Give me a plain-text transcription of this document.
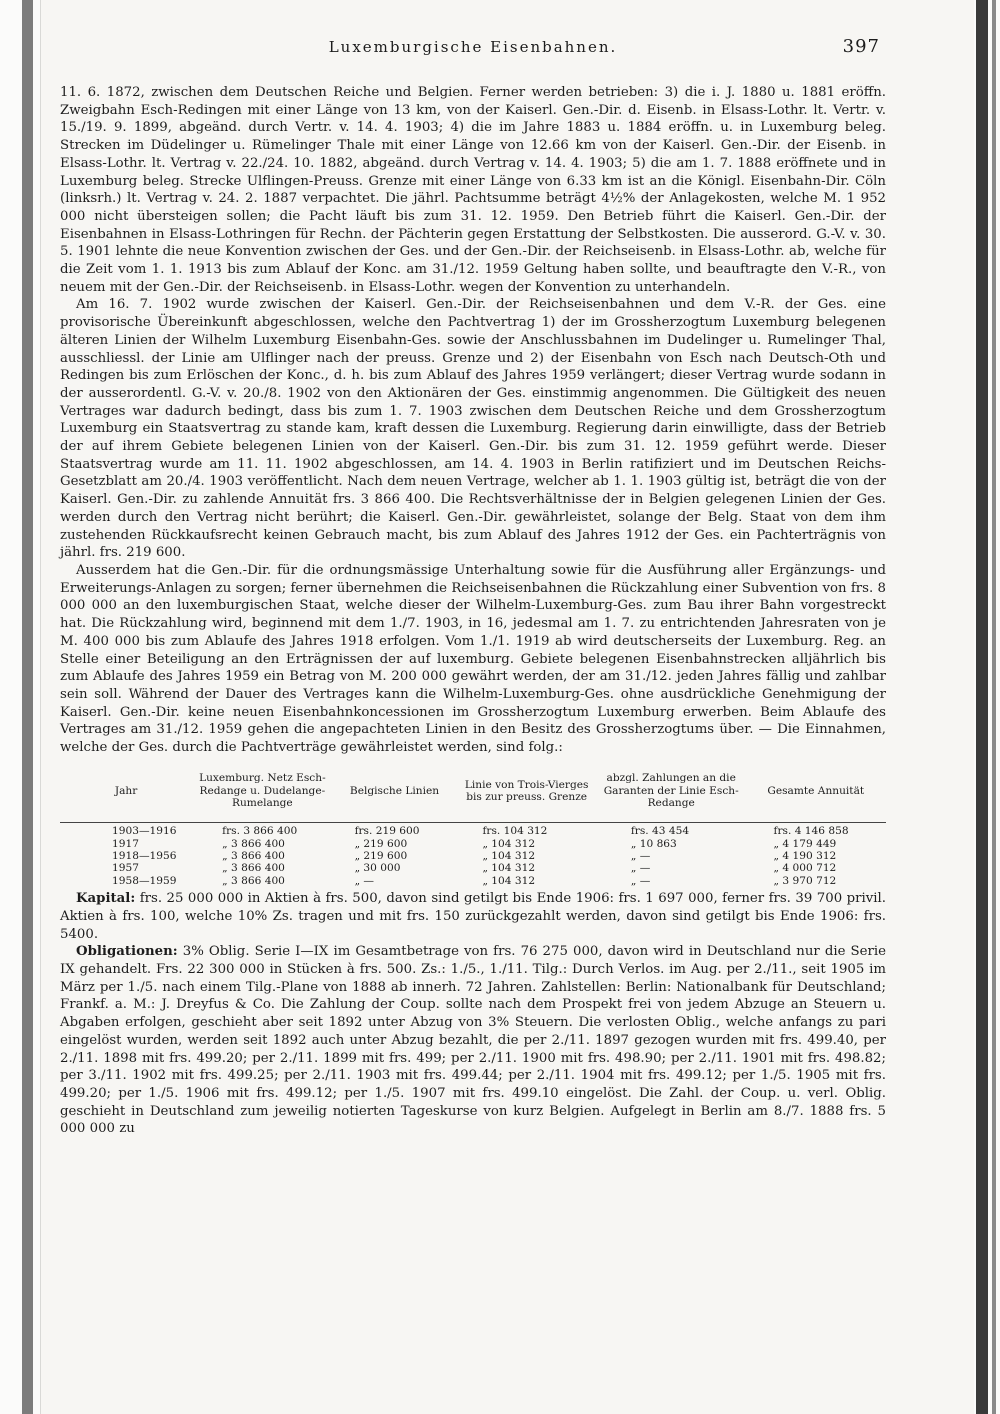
Luxemburgische Eisenbahnen.	397

11. 6. 1872, zwischen dem Deutschen Reiche und Belgien. Ferner werden betrieben: 3) die i. J. 1880 u. 1881 eröffn. Zweigbahn Esch-Redingen mit einer Länge von 13 km, von der Kaiserl. Gen.-Dir. d. Eisenb. in Elsass-Lothr. lt. Vertr. v. 15./19. 9. 1899, abgeänd. durch Vertr. v. 14. 4. 1903; 4) die im Jahre 1883 u. 1884 eröffn. u. in Luxemburg beleg. Strecken im Düdelinger u. Rümelinger Thale mit einer Länge von 12.66 km von der Kaiserl. Gen.-Dir. der Eisenb. in Elsass-Lothr. lt. Vertrag v. 22./24. 10. 1882, abgeänd. durch Vertrag v. 14. 4. 1903; 5) die am 1. 7. 1888 eröffnete und in Luxemburg beleg. Strecke Ulflingen-Preuss. Grenze mit einer Länge von 6.33 km ist an die Königl. Eisenbahn-Dir. Cöln (linksrh.) lt. Vertrag v. 24. 2. 1887 verpachtet. Die jährl. Pachtsumme beträgt 4½% der Anlagekosten, welche M. 1 952 000 nicht übersteigen sollen; die Pacht läuft bis zum 31. 12. 1959. Den Betrieb führt die Kaiserl. Gen.-Dir. der Eisenbahnen in Elsass-Lothringen für Rechn. der Pächterin gegen Erstattung der Selbstkosten. Die ausserord. G.-V. v. 30. 5. 1901 lehnte die neue Konvention zwischen der Ges. und der Gen.-Dir. der Reichseisenb. in Elsass-Lothr. ab, welche für die Zeit vom 1. 1. 1913 bis zum Ablauf der Konc. am 31./12. 1959 Geltung haben sollte, und beauftragte den V.-R., von neuem mit der Gen.-Dir. der Reichseisenb. in Elsass-Lothr. wegen der Konvention zu unterhandeln.

Am 16. 7. 1902 wurde zwischen der Kaiserl. Gen.-Dir. der Reichseisenbahnen und dem V.-R. der Ges. eine provisorische Übereinkunft abgeschlossen, welche den Pachtvertrag 1) der im Grossherzogtum Luxemburg belegenen älteren Linien der Wilhelm Luxemburg Eisenbahn-Ges. sowie der Anschlussbahnen im Dudelinger u. Rumelinger Thal, ausschliessl. der Linie am Ulflinger nach der preuss. Grenze und 2) der Eisenbahn von Esch nach Deutsch-Oth und Redingen bis zum Erlöschen der Konc., d. h. bis zum Ablauf des Jahres 1959 verlängert; dieser Vertrag wurde sodann in der ausserordentl. G.-V. v. 20./8. 1902 von den Aktionären der Ges. einstimmig angenommen. Die Gültigkeit des neuen Vertrages war dadurch bedingt, dass bis zum 1. 7. 1903 zwischen dem Deutschen Reiche und dem Grossherzogtum Luxemburg ein Staatsvertrag zu stande kam, kraft dessen die Luxemburg. Regierung darin einwilligte, dass der Betrieb der auf ihrem Gebiete belegenen Linien von der Kaiserl. Gen.-Dir. bis zum 31. 12. 1959 geführt werde. Dieser Staatsvertrag wurde am 11. 11. 1902 abgeschlossen, am 14. 4. 1903 in Berlin ratifiziert und im Deutschen Reichs-Gesetzblatt am 20./4. 1903 veröffentlicht. Nach dem neuen Vertrage, welcher ab 1. 1. 1903 gültig ist, beträgt die von der Kaiserl. Gen.-Dir. zu zahlende Annuität frs. 3 866 400. Die Rechtsverhältnisse der in Belgien gelegenen Linien der Ges. werden durch den Vertrag nicht berührt; die Kaiserl. Gen.-Dir. gewährleistet, solange der Belg. Staat von dem ihm zustehenden Rückkaufsrecht keinen Gebrauch macht, bis zum Ablauf des Jahres 1912 der Ges. ein Pachterträgnis von jährl. frs. 219 600.

Ausserdem hat die Gen.-Dir. für die ordnungsmässige Unterhaltung sowie für die Ausführung aller Ergänzungs- und Erweiterungs-Anlagen zu sorgen; ferner übernehmen die Reichseisenbahnen die Rückzahlung einer Subvention von frs. 8 000 000 an den luxemburgischen Staat, welche dieser der Wilhelm-Luxemburg-Ges. zum Bau ihrer Bahn vorgestreckt hat. Die Rückzahlung wird, beginnend mit dem 1./7. 1903, in 16, jedesmal am 1. 7. zu entrichtenden Jahresraten von je M. 400 000 bis zum Ablaufe des Jahres 1918 erfolgen. Vom 1./1. 1919 ab wird deutscherseits der Luxemburg. Reg. an Stelle einer Beteiligung an den Erträgnissen der auf luxemburg. Gebiete belegenen Eisenbahnstrecken alljährlich bis zum Ablaufe des Jahres 1959 ein Betrag von M. 200 000 gewährt werden, der am 31./12. jeden Jahres fällig und zahlbar sein soll. Während der Dauer des Vertrages kann die Wilhelm-Luxemburg-Ges. ohne ausdrückliche Genehmigung der Kaiserl. Gen.-Dir. keine neuen Eisenbahnkoncessionen im Grossherzogtum Luxemburg erwerben. Beim Ablaufe des Vertrages am 31./12. 1959 gehen die angepachteten Linien in den Besitz des Grossherzogtums über. — Die Einnahmen, welche der Ges. durch die Pachtverträge gewährleistet werden, sind folg.:

Jahr	Luxemburg. Netz Esch-Redange u. Dudelange-Rumelange	Belgische Linien	Linie von Trois-Vierges bis zur preuss. Grenze	abzgl. Zahlungen an die Garanten der Linie Esch-Redange	Gesamte Annuität
1903—1916	frs. 3 866 400	frs. 219 600	frs. 104 312	frs. 43 454	frs. 4 146 858
1917	„ 3 866 400	„ 219 600	„ 104 312	„ 10 863	„ 4 179 449
1918—1956	„ 3 866 400	„ 219 600	„ 104 312	„ —	„ 4 190 312
1957	„ 3 866 400	„ 30 000	„ 104 312	„ —	„ 4 000 712
1958—1959	„ 3 866 400	„ —	„ 104 312	„ —	„ 3 970 712

Kapital: frs. 25 000 000 in Aktien à frs. 500, davon sind getilgt bis Ende 1906: frs. 1 697 000, ferner frs. 39 700 privil. Aktien à frs. 100, welche 10% Zs. tragen und mit frs. 150 zurückgezahlt werden, davon sind getilgt bis Ende 1906: frs. 5400.

Obligationen: 3% Oblig. Serie I—IX im Gesamtbetrage von frs. 76 275 000, davon wird in Deutschland nur die Serie IX gehandelt. Frs. 22 300 000 in Stücken à frs. 500. Zs.: 1./5., 1./11. Tilg.: Durch Verlos. im Aug. per 2./11., seit 1905 im März per 1./5. nach einem Tilg.-Plane von 1888 ab innerh. 72 Jahren. Zahlstellen: Berlin: Nationalbank für Deutschland; Frankf. a. M.: J. Dreyfus & Co. Die Zahlung der Coup. sollte nach dem Prospekt frei von jedem Abzuge an Steuern u. Abgaben erfolgen, geschieht aber seit 1892 unter Abzug von 3% Steuern. Die verlosten Oblig., welche anfangs zu pari eingelöst wurden, werden seit 1892 auch unter Abzug bezahlt, die per 2./11. 1897 gezogen wurden mit frs. 499.40, per 2./11. 1898 mit frs. 499.20; per 2./11. 1899 mit frs. 499; per 2./11. 1900 mit frs. 498.90; per 2./11. 1901 mit frs. 498.82; per 3./11. 1902 mit frs. 499.25; per 2./11. 1903 mit frs. 499.44; per 2./11. 1904 mit frs. 499.12; per 1./5. 1905 mit frs. 499.20; per 1./5. 1906 mit frs. 499.12; per 1./5. 1907 mit frs. 499.10 eingelöst. Die Zahl. der Coup. u. verl. Oblig. geschieht in Deutschland zum jeweilig notierten Tageskurse von kurz Belgien. Aufgelegt in Berlin am 8./7. 1888 frs. 5 000 000 zu
